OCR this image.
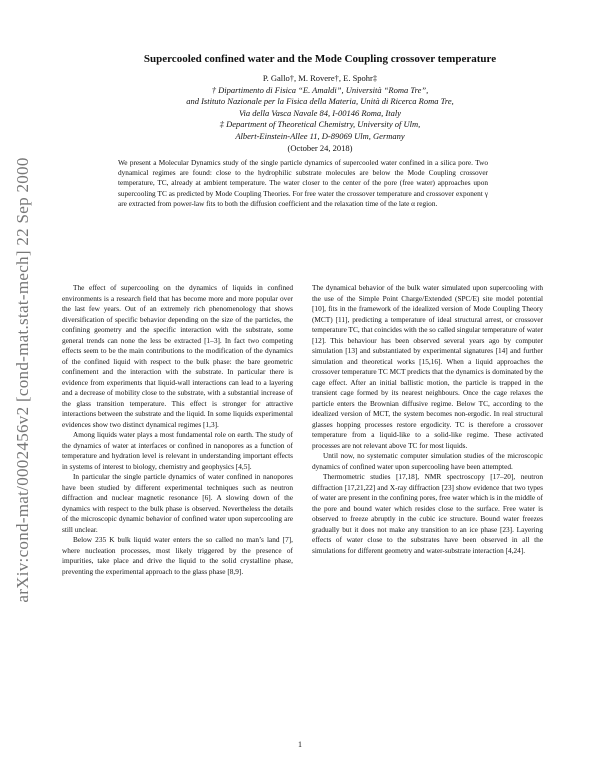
arXiv:cond-mat/0002456v2 [cond-mat.stat-mech] 22 Sep 2000
Supercooled confined water and the Mode Coupling crossover temperature
P. Gallo†, M. Rovere†, E. Spohr‡
† Dipartimento di Fisica “E. Amaldi”, Università “Roma Tre”,
and Istituto Nazionale per la Fisica della Materia, Unità di Ricerca Roma Tre,
Via della Vasca Navale 84, I-00146 Roma, Italy
‡ Department of Theoretical Chemistry, University of Ulm,
Albert-Einstein-Allee 11, D-89069 Ulm, Germany
(October 24, 2018)
We present a Molecular Dynamics study of the single particle dynamics of supercooled water confined in a silica pore. Two dynamical regimes are found: close to the hydrophilic substrate molecules are below the Mode Coupling crossover temperature, TC, already at ambient temperature. The water closer to the center of the pore (free water) approaches upon supercooling TC as predicted by Mode Coupling Theories. For free water the crossover temperature and crossover exponent γ are extracted from power-law fits to both the diffusion coefficient and the relaxation time of the late α region.

The effect of supercooling on the dynamics of liquids in confined environments is a research field that has become more and more popular over the last few years. Out of an extremely rich phenomenology that shows diversification of specific behavior depending on the size of the particles, the confining geometry and the specific interaction with the substrate, some general trends can none the less be extracted [1–3]. In fact two competing effects seem to be the main contributions to the modification of the dynamics of the confined liquid with respect to the bulk phase: the bare geometric confinement and the interaction with the substrate. In particular there is evidence from experiments that liquid-wall interactions can lead to a layering and a decrease of mobility close to the substrate, with a substantial increase of the glass transition temperature. This effect is stronger for attractive interactions between the substrate and the liquid. In some liquids experimental evidences show two distinct dynamical regimes [1,3].

Among liquids water plays a most fundamental role on earth. The study of the dynamics of water at interfaces or confined in nanopores as a function of temperature and hydration level is relevant in understanding important effects in systems of interest to biology, chemistry and geophysics [4,5].

In particular the single particle dynamics of water confined in nanopores have been studied by different experimental techniques such as neutron diffraction and nuclear magnetic resonance [6]. A slowing down of the dynamics with respect to the bulk phase is observed. Nevertheless the details of the microscopic dynamic behavior of confined water upon supercooling are still unclear.

Below 235 K bulk liquid water enters the so called no man’s land [7], where nucleation processes, most likely triggered by the presence of impurities, take place and drive the liquid to the solid crystalline phase, preventing the experimental approach to the glass phase [8,9].

The dynamical behavior of the bulk water simulated upon supercooling with the use of the Simple Point Charge/Extended (SPC/E) site model potential [10], fits in the framework of the idealized version of Mode Coupling Theory (MCT) [11], predicting a temperature of ideal structural arrest, or crossover temperature TC, that coincides with the so called singular temperature of water [12]. This behaviour has been observed several years ago by computer simulation [13] and substantiated by experimental signatures [14] and further simulation and theoretical works [15,16]. When a liquid approaches the crossover temperature TC MCT predicts that the dynamics is dominated by the cage effect. After an initial ballistic motion, the particle is trapped in the transient cage formed by its nearest neighbours. Once the cage relaxes the particle enters the Brownian diffusive regime. Below TC, according to the idealized version of MCT, the system becomes non-ergodic. In real structural glasses hopping processes restore ergodicity. TC is therefore a crossover temperature from a liquid-like to a solid-like regime. These activated processes are not relevant above TC for most liquids.

Until now, no systematic computer simulation studies of the microscopic dynamics of confined water upon supercooling have been attempted.

Thermometric studies [17,18], NMR spectroscopy [17–20], neutron diffraction [17,21,22] and X-ray diffraction [23] show evidence that two types of water are present in the confining pores, free water which is in the middle of the pore and bound water which resides close to the surface. Free water is observed to freeze abruptly in the cubic ice structure. Bound water freezes gradually but it does not make any transition to an ice phase [23]. Layering effects of water close to the substrates have been observed in all the simulations for different geometry and water-substrate interaction [4,24].

1
